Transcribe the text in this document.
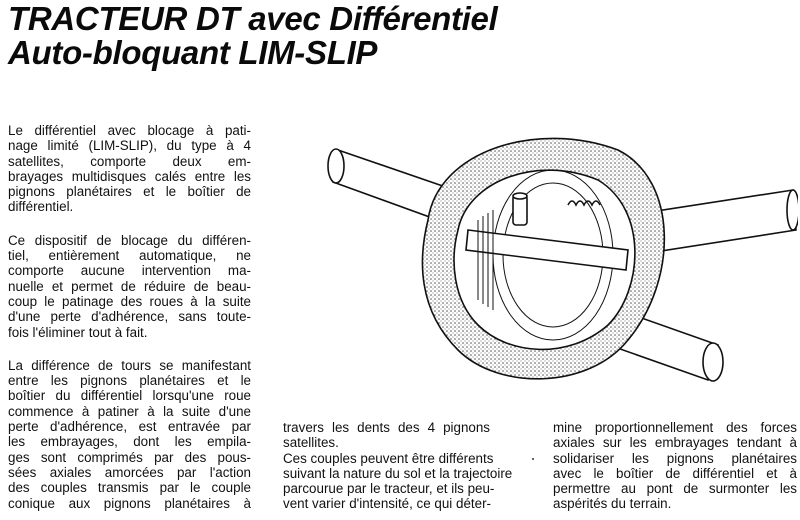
TRACTEUR DT avec Différentiel
Auto-bloquant LIM-SLIP
Le différentiel avec blocage à pati-
nage limité (LIM-SLIP), du type à 4
satellites, comporte deux em-
brayages multidisques calés entre les
pignons planétaires et le boîtier de
différentiel.
Ce dispositif de blocage du différen-
tiel, entièrement automatique, ne
comporte aucune intervention ma-
nuelle et permet de réduire de beau-
coup le patinage des roues à la suite
d'une perte d'adhérence, sans toute-
fois l'éliminer tout à fait.
La différence de tours se manifestant
entre les pignons planétaires et le
boîtier du différentiel lorsqu'une roue
commence à patiner à la suite d'une
perte d'adhérence, est entravée par
les embrayages, dont les empila-
ges sont comprimés par des pous-
sées axiales amorcées par l'action
des couples transmis par le couple
conique aux pignons planétaires à
travers les dents des 4 pignons
satellites.
Ces couples peuvent être différents
suivant la nature du sol et la trajectoire
parcourue par le tracteur, et ils peu-
vent varier d'intensité, ce qui déter-
mine proportionnellement des forces
axiales sur les embrayages tendant à
solidariser les pignons planétaires
avec le boîtier de différentiel et à
permettre au pont de surmonter les
aspérités du terrain.
